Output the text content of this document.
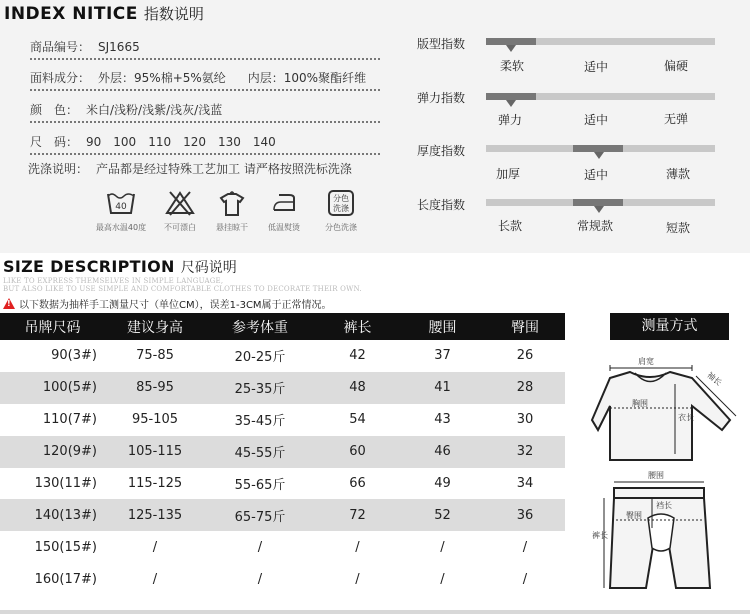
INDEX NITICE 指数说明
商品编号： SJ1665
面料成分： 外层：95%棉+5%氨纶 内层：100%聚酯纤维
颜　色： 米白/浅粉/浅紫/浅灰/浅蓝
尺　码： 90　100　110　120　130　140
洗涤说明： 产品都是经过特殊工艺加工 请严格按照洗标洗涤
40
最高水温40度	不可漂白	悬挂晾干	低温熨烫
分色
洗涤
分色洗涤
版型指数
柔软	适中	偏硬
弹力指数
弹力	适中	无弹
厚度指数
加厚	适中	薄款
长度指数
长款	常规款	短款
SIZE DESCRIPTION 尺码说明
LIKE TO EXPRESS THEMSELVES IN SIMPLE LANGUAGE,
BUT ALSO LIKE TO USE SIMPLE AND COMFORTABLE CLOTHES TO DECORATE THEIR OWN.
!
以下数据为抽样手工测量尺寸（单位CM），误差1-3CM属于正常情况。
吊牌尺码	建议身高	参考体重	裤长	腰围	臀围
90(3#)	75-85	20-25斤	42	37	26
100(5#)	85-95	25-35斤	48	41	28
110(7#)	95-105	35-45斤	54	43	30
120(9#)	105-115	45-55斤	60	46	32
130(11#)	115-125	55-65斤	66	49	34
140(13#)	125-135	65-75斤	72	52	36
150(15#)	/	/	/	/	/
160(17#)	/	/	/	/	/
测量方式
肩宽
袖长
胸围
衣长
腰围
裆长
臀围
裤长
